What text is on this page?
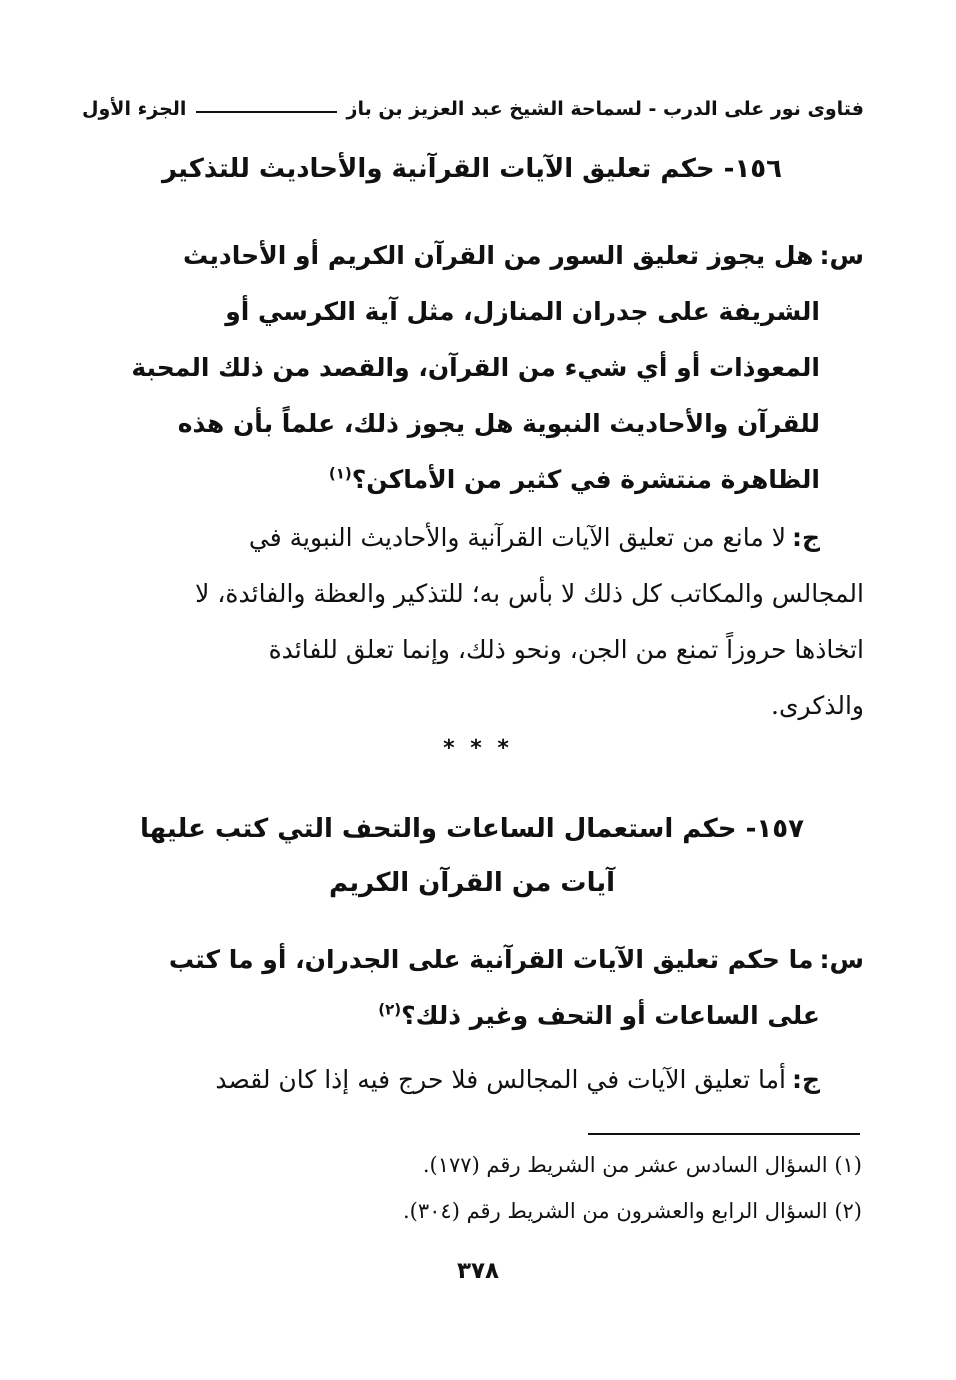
فتاوى نور على الدرب - لسماحة الشيخ عبد العزيز بن باز
الجزء الأول
١٥٦- حكم تعليق الآيات القرآنية والأحاديث للتذكير
س:هل يجوز تعليق السور من القرآن الكريم أو الأحاديث
الشريفة على جدران المنازل، مثل آية الكرسي أو
المعوذات أو أي شيء من القرآن، والقصد من ذلك المحبة
للقرآن والأحاديث النبوية هل يجوز ذلك، علماً بأن هذه
الظاهرة منتشرة في كثير من الأماكن؟$^{(١)}$
ج:لا مانع من تعليق الآيات القرآنية والأحاديث النبوية في
المجالس والمكاتب كل ذلك لا بأس به؛ للتذكير والعظة والفائدة، لا
اتخاذها حروزاً تمنع من الجن، ونحو ذلك، وإنما تعلق للفائدة
والذكرى.
* * *
١٥٧- حكم استعمال الساعات والتحف التي كتب عليها
آيات من القرآن الكريم
س:ما حكم تعليق الآيات القرآنية على الجدران، أو ما كتب
على الساعات أو التحف وغير ذلك؟$^{(٢)}$
ج:أما تعليق الآيات في المجالس فلا حرج فيه إذا كان لقصد
(١) السؤال السادس عشر من الشريط رقم (١٧٧).
(٢) السؤال الرابع والعشرون من الشريط رقم (٣٠٤).
٣٧٨
